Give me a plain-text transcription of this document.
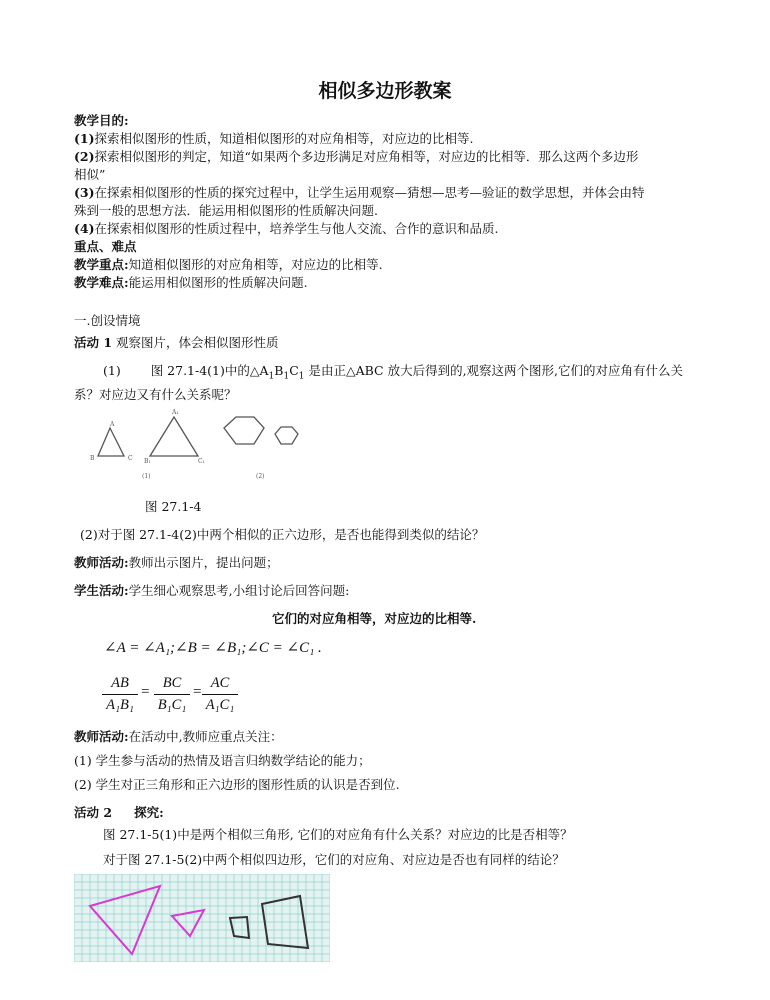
相似多边形教案
教学目的:
(1)探索相似图形的性质，知道相似图形的对应角相等，对应边的比相等.
(2)探索相似图形的判定，知道“如果两个多边形满足对应角相等，对应边的比相等．那么这两个多边形
相似”
(3)在探索相似图形的性质的探究过程中，让学生运用观察—猜想—思考—验证的数学思想，并体会由特
殊到一般的思想方法．能运用相似图形的性质解决问题.
(4)在探索相似图形的性质过程中，培养学生与他人交流、合作的意识和品质.
重点、难点
教学重点:知道相似图形的对应角相等，对应边的比相等.
教学难点:能运用相似图形的性质解决问题.
一.创设情境
活动 1 观察图片，体会相似图形性质
(1) 图 27.1-4(1)中的$\triangle A_1B_1C_1$ 是由正△ABC 放大后得到的,观察这两个图形,它们的对应角有什么关
系？对应边又有什么关系呢？
A
B	C
A₁
B₁	C₁
(1)	(2)
图 27.1-4
(2)对于图 27.1-4(2)中两个相似的正六边形，是否也能得到类似的结论？
教师活动:教师出示图片，提出问题；
学生活动:学生细心观察思考,小组讨论后回答问题:
它们的对应角相等，对应边的比相等.
∠A = ∠A₁;∠B = ∠B₁;∠C = ∠C₁ .
$\frac{AB}{\text{A₁B₁}} = \frac{BC}{\text{B₁C₁}} = \frac{AC}{\text{A₁C₁}}$
教师活动:在活动中,教师应重点关注：
(1) 学生参与活动的热情及语言归纳数学结论的能力；
(2) 学生对正三角形和正六边形的图形性质的认识是否到位.
活动 2 探究:
图 27.1-5(1)中是两个相似三角形, 它们的对应角有什么关系？对应边的比是否相等？
对于图 27.1-5(2)中两个相似四边形，它们的对应角、对应边是否也有同样的结论？
